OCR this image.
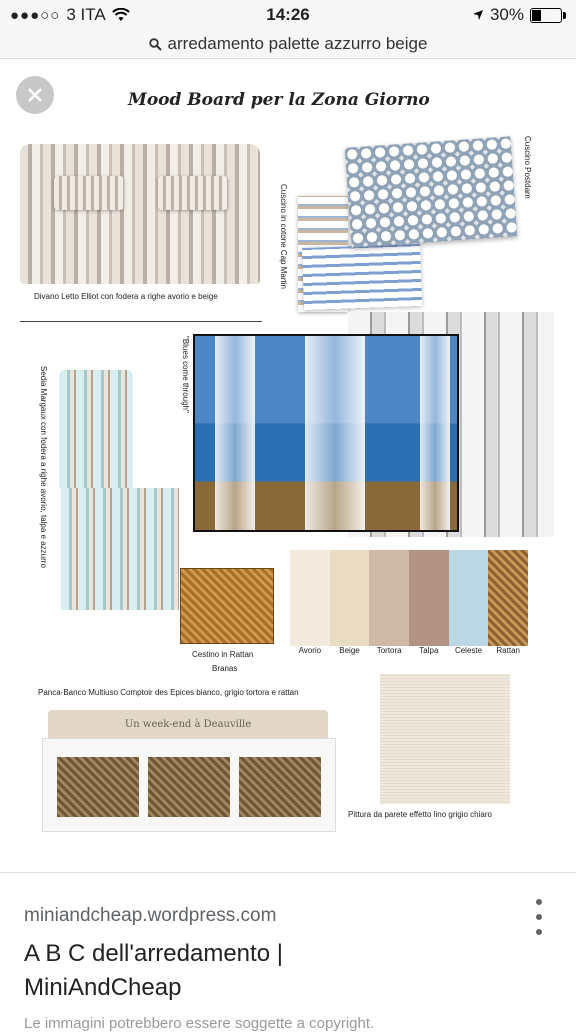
●●●○○ 3 ITA	14:26	30%
arredamento palette azzurro beige
Mood Board per la Zona Giorno
Divano Letto Elliot con fodera a righe avorio e beige
Cuscino in cotone Cap Martin
Cuscino Postdam
"Blues come through"
Sedia Margaux con fodera a righe avorio, talpa e azzurro
Cestino in Rattan
Branas
Avorio	Beige	Tortora	Talpa	Celeste	Rattan
Panca-Banco Multiuso Comptoir des Epices bianco, grigio tortora e rattan
Un week-end à Deauville
Pittura da parete effetto lino grigio chiaro
miniandcheap.wordpress.com
A B C dell'arredamento |
MiniAndCheap
Le immagini potrebbero essere soggette a copyright.
